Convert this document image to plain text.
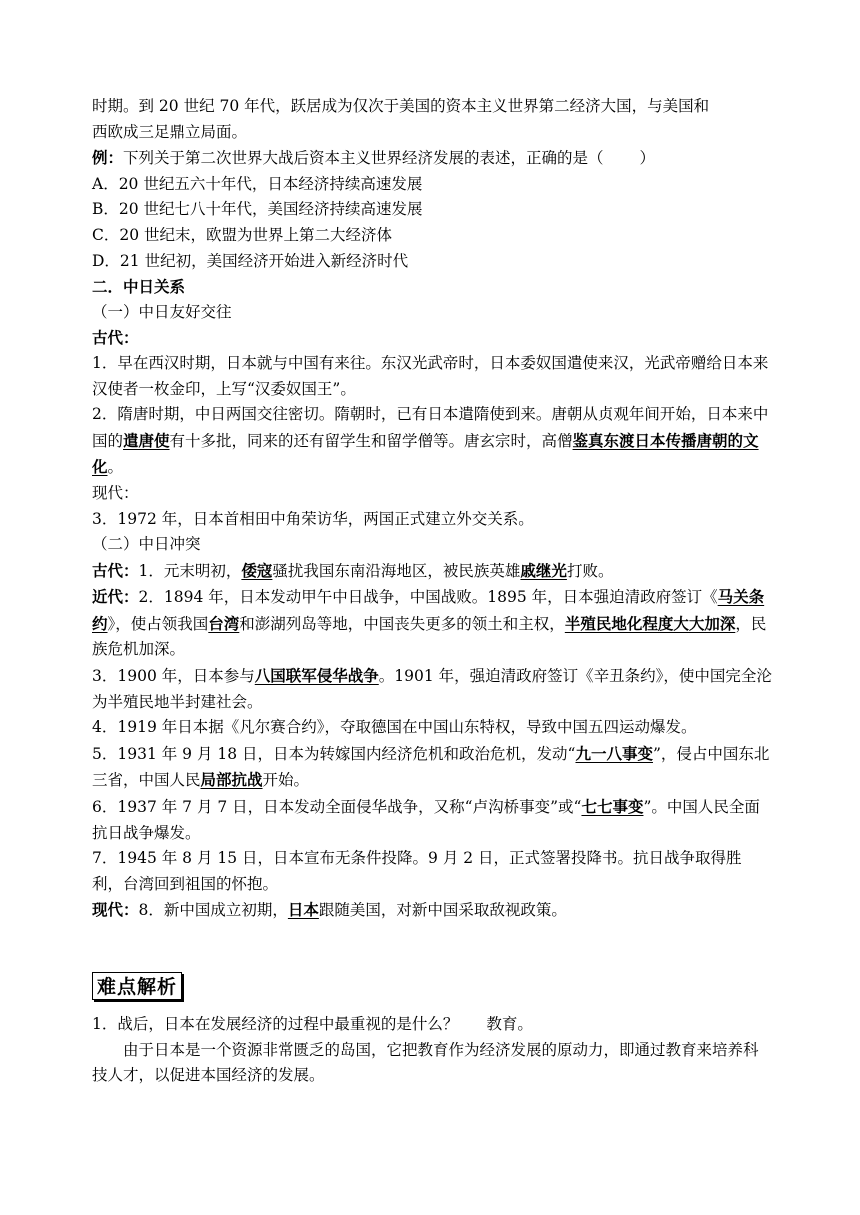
时期。到 20 世纪 70 年代，跃居成为仅次于美国的资本主义世界第二经济大国，与美国和
西欧成三足鼎立局面。
例：下列关于第二次世界大战后资本主义世界经济发展的表述，正确的是（ ）
A．20 世纪五六十年代，日本经济持续高速发展
B．20 世纪七八十年代，美国经济持续高速发展
C．20 世纪末，欧盟为世界上第二大经济体
D．21 世纪初，美国经济开始进入新经济时代
二．中日关系
（一）中日友好交往
古代：
1．早在西汉时期，日本就与中国有来往。东汉光武帝时，日本委奴国遣使来汉，光武帝赠给日本来汉使者一枚金印，上写“汉委奴国王”。
2．隋唐时期，中日两国交往密切。隋朝时，已有日本遣隋使到来。唐朝从贞观年间开始，日本来中国的遣唐使有十多批，同来的还有留学生和留学僧等。唐玄宗时，高僧鉴真东渡日本传播唐朝的文化。
现代：
3．1972 年，日本首相田中角荣访华，两国正式建立外交关系。
（二）中日冲突
古代：1．元末明初，倭寇骚扰我国东南沿海地区，被民族英雄戚继光打败。
近代：2．1894 年，日本发动甲午中日战争，中国战败。1895 年，日本强迫清政府签订《马关条约》，使占领我国台湾和澎湖列岛等地，中国丧失更多的领土和主权，半殖民地化程度大大加深，民族危机加深。
3．1900 年，日本参与八国联军侵华战争。1901 年，强迫清政府签订《辛丑条约》，使中国完全沦为半殖民地半封建社会。
4．1919 年日本据《凡尔赛合约》，夺取德国在中国山东特权，导致中国五四运动爆发。
5．1931 年 9 月 18 日，日本为转嫁国内经济危机和政治危机，发动“九一八事变”，侵占中国东北三省，中国人民局部抗战开始。
6．1937 年 7 月 7 日，日本发动全面侵华战争，又称“卢沟桥事变”或“七七事变”。中国人民全面抗日战争爆发。
7．1945 年 8 月 15 日，日本宣布无条件投降。9 月 2 日，正式签署投降书。抗日战争取得胜利，台湾回到祖国的怀抱。
现代：8．新中国成立初期，日本跟随美国，对新中国采取敌视政策。
难点解析
1．战后，日本在发展经济的过程中最重视的是什么？ 教育。
由于日本是一个资源非常匮乏的岛国，它把教育作为经济发展的原动力，即通过教育来培养科技人才，以促进本国经济的发展。
